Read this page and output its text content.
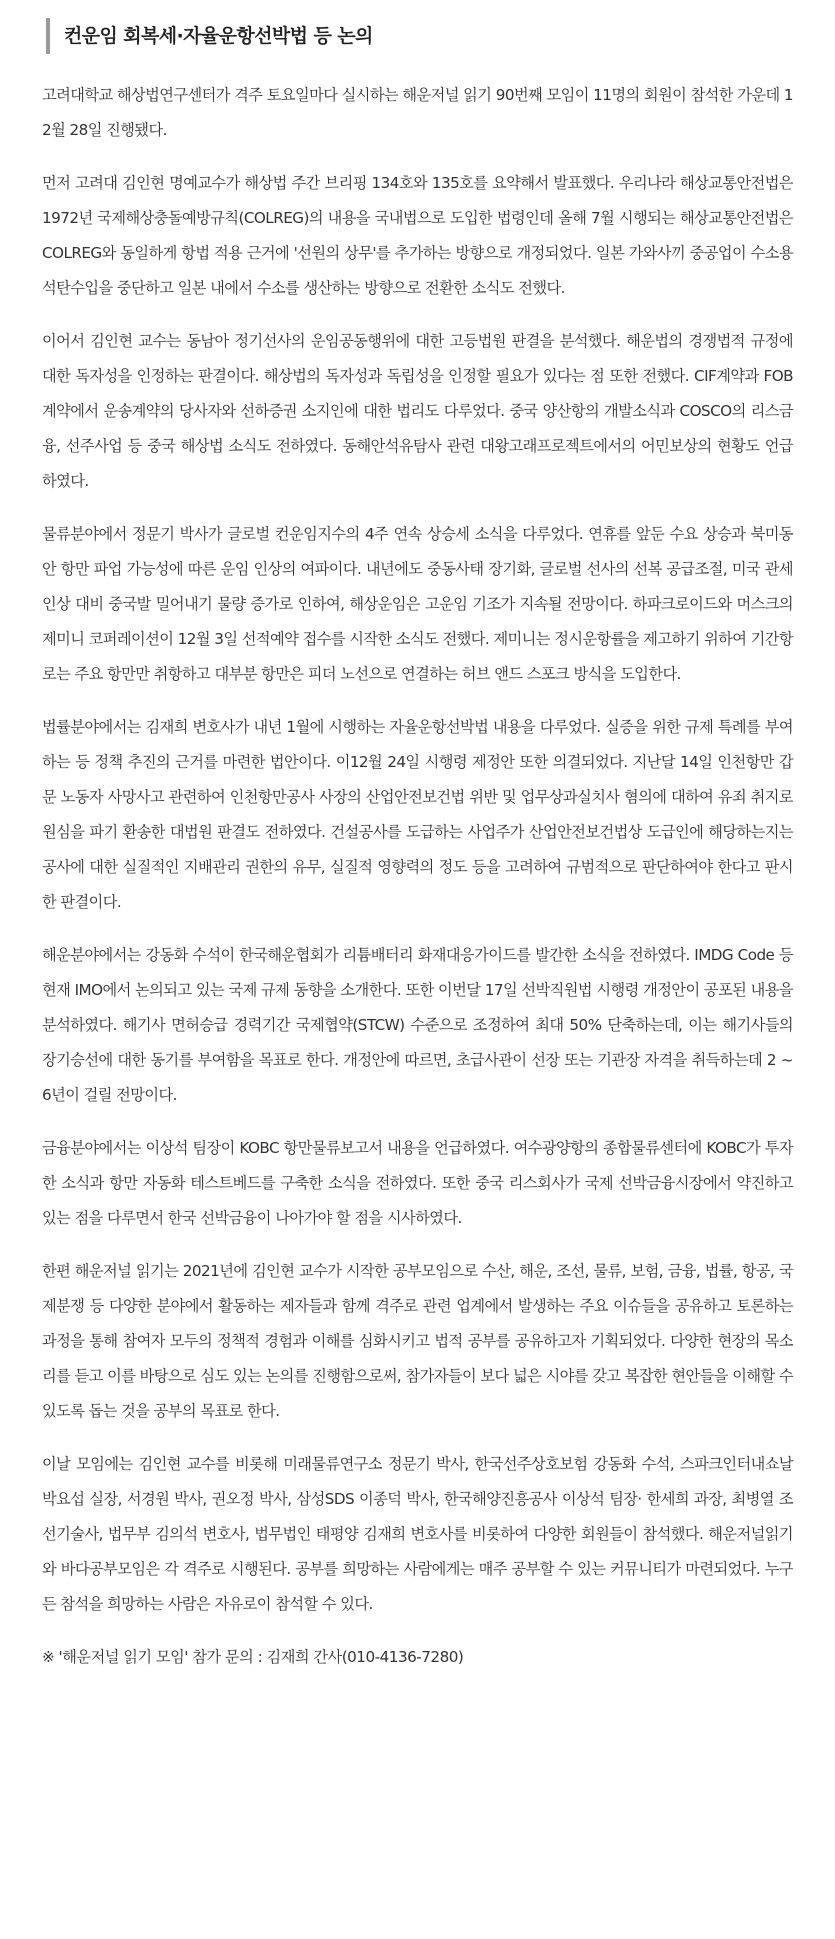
컨운임 회복세·자율운항선박법 등 논의

고려대학교 해상법연구센터가 격주 토요일마다 실시하는 해운저널 읽기 90번째 모임이 11명의 회원이 참석한 가운데 12월 28일 진행됐다.

먼저 고려대 김인현 명예교수가 해상법 주간 브리핑 134호와 135호를 요약해서 발표했다. 우리나라 해상교통안전법은 1972년 국제해상충돌예방규칙(COLREG)의 내용을 국내법으로 도입한 법령인데 올해 7월 시행되는 해상교통안전법은 COLREG와 동일하게 항법 적용 근거에 '선원의 상무'를 추가하는 방향으로 개정되었다. 일본 가와사끼 중공업이 수소용 석탄수입을 중단하고 일본 내에서 수소를 생산하는 방향으로 전환한 소식도 전했다.

이어서 김인현 교수는 동남아 정기선사의 운임공동행위에 대한 고등법원 판결을 분석했다. 해운법의 경쟁법적 규정에 대한 독자성을 인정하는 판결이다. 해상법의 독자성과 독립성을 인정할 필요가 있다는 점 또한 전했다. CIF계약과 FOB계약에서 운송계약의 당사자와 선하증권 소지인에 대한 법리도 다루었다. 중국 양산항의 개발소식과 COSCO의 리스금융, 선주사업 등 중국 해상법 소식도 전하였다. 동해안석유탐사 관련 대왕고래프로젝트에서의 어민보상의 현황도 언급하였다.

물류분야에서 정문기 박사가 글로벌 컨운임지수의 4주 연속 상승세 소식을 다루었다. 연휴를 앞둔 수요 상승과 북미동안 항만 파업 가능성에 따른 운임 인상의 여파이다. 내년에도 중동사태 장기화, 글로벌 선사의 선복 공급조절, 미국 관세인상 대비 중국발 밀어내기 물량 증가로 인하여, 해상운임은 고운임 기조가 지속될 전망이다. 하파크로이드와 머스크의 제미니 코퍼레이션이 12월 3일 선적예약 접수를 시작한 소식도 전했다. 제미니는 정시운항률을 제고하기 위하여 기간항로는 주요 항만만 취항하고 대부분 항만은 피더 노선으로 연결하는 허브 앤드 스포크 방식을 도입한다.

법률분야에서는 김재희 변호사가 내년 1월에 시행하는 자율운항선박법 내용을 다루었다. 실증을 위한 규제 특례를 부여하는 등 정책 추진의 근거를 마련한 법안이다. 이12월 24일 시행령 제정안 또한 의결되었다. 지난달 14일 인천항만 갑문 노동자 사망사고 관련하여 인천항만공사 사장의 산업안전보건법 위반 및 업무상과실치사 혐의에 대하여 유죄 취지로 원심을 파기 환송한 대법원 판결도 전하였다. 건설공사를 도급하는 사업주가 산업안전보건법상 도급인에 해당하는지는 공사에 대한 실질적인 지배관리 권한의 유무, 실질적 영향력의 정도 등을 고려하여 규범적으로 판단하여야 한다고 판시한 판결이다.

해운분야에서는 강동화 수석이 한국해운협회가 리튬배터리 화재대응가이드를 발간한 소식을 전하였다. IMDG Code 등 현재 IMO에서 논의되고 있는 국제 규제 동향을 소개한다. 또한 이번달 17일 선박직원법 시행령 개정안이 공포된 내용을 분석하였다. 해기사 면허승급 경력기간 국제협약(STCW) 수준으로 조정하여 최대 50% 단축하는데, 이는 해기사들의 장기승선에 대한 동기를 부여함을 목표로 한다. 개정안에 따르면, 초급사관이 선장 또는 기관장 자격을 취득하는데 2 ~ 6년이 걸릴 전망이다.

금융분야에서는 이상석 팀장이 KOBC 항만물류보고서 내용을 언급하였다. 여수광양항의 종합물류센터에 KOBC가 투자한 소식과 항만 자동화 테스트베드를 구축한 소식을 전하였다. 또한 중국 리스회사가 국제 선박금융시장에서 약진하고 있는 점을 다루면서 한국 선박금융이 나아가야 할 점을 시사하였다.

한편 해운저널 읽기는 2021년에 김인현 교수가 시작한 공부모임으로 수산, 해운, 조선, 물류, 보험, 금융, 법률, 항공, 국제분쟁 등 다양한 분야에서 활동하는 제자들과 함께 격주로 관련 업계에서 발생하는 주요 이슈들을 공유하고 토론하는 과정을 통해 참여자 모두의 정책적 경험과 이해를 심화시키고 법적 공부를 공유하고자 기획되었다. 다양한 현장의 목소리를 듣고 이를 바탕으로 심도 있는 논의를 진행함으로써, 참가자들이 보다 넓은 시야를 갖고 복잡한 현안들을 이해할 수 있도록 돕는 것을 공부의 목표로 한다.

이날 모임에는 김인현 교수를 비롯해 미래물류연구소 정문기 박사, 한국선주상호보험 강동화 수석, 스파크인터내쇼날 박요섭 실장, 서경원 박사, 권오정 박사, 삼성SDS 이종덕 박사, 한국해양진흥공사 이상석 팀장· 한세희 과장, 최병열 조선기술사, 법무부 김의석 변호사, 법무법인 태평양 김재희 변호사를 비롯하여 다양한 회원들이 참석했다. 해운저널읽기와 바다공부모임은 각 격주로 시행된다. 공부를 희망하는 사람에게는 매주 공부할 수 있는 커뮤니티가 마련되었다. 누구든 참석을 희망하는 사람은 자유로이 참석할 수 있다.

※ '해운저널 읽기 모임' 참가 문의 : 김재희 간사(010-4136-7280)
